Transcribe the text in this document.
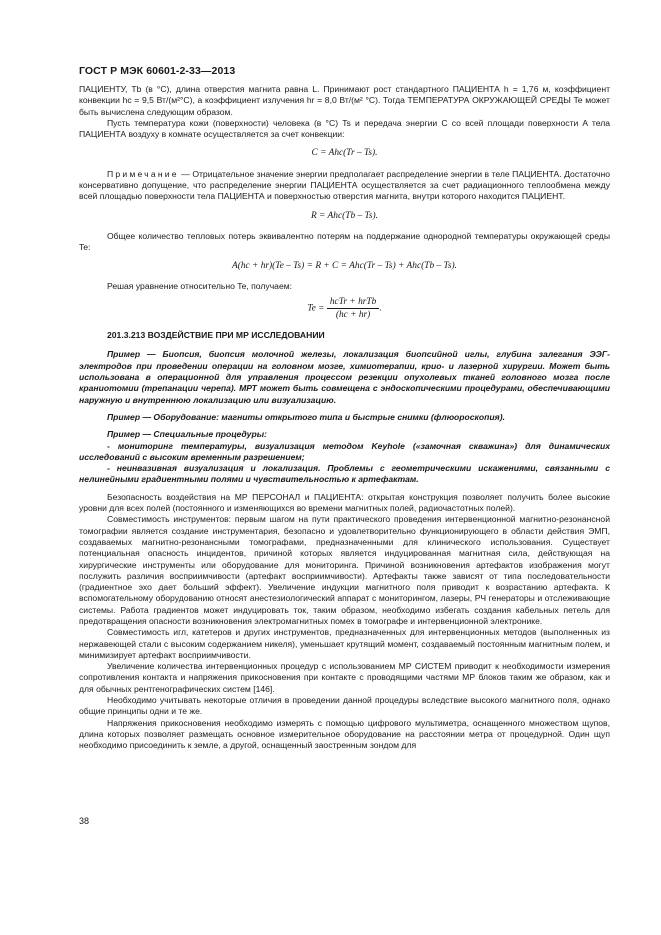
ГОСТ Р МЭК 60601-2-33—2013

ПАЦИЕНТУ, Tb (в °С), длина отверстия магнита равна L. Принимают рост стандартного ПАЦИЕНТА h = 1,76 м, коэффициент конвекции hc = 9,5 Вт/(м²°С), а коэффициент излучения hr = 8,0 Вт/(м² °С). Тогда ТЕМПЕРАТУРА ОКРУЖАЮЩЕЙ СРЕДЫ Te может быть вычислена следующим образом.

Пусть температура кожи (поверхности) человека (в °С) Ts и передача энергии C со всей площади поверхности A тела ПАЦИЕНТА воздуху в комнате осуществляется за счет конвекции:

C = Ahc(Tr – Ts).

Примечание — Отрицательное значение энергии предполагает распределение энергии в теле ПАЦИЕНТА. Достаточно консервативно допущение, что распределение энергии ПАЦИЕНТА осуществляется за счет радиационного теплообмена между всей площадью поверхности тела ПАЦИЕНТА и поверхностью отверстия магнита, внутри которого находится ПАЦИЕНТ.

R = Ahc(Tb – Ts).

Общее количество тепловых потерь эквивалентно потерям на поддержание однородной температуры окружающей среды Te:

A(hc + hr)(Te – Ts) = R + C = Ahc(Tr – Ts) + Ahc(Tb – Ts).

Решая уравнение относительно Te, получаем:

$Te = \frac{\text{hcTr + hrTb}}{(hc + hr)}$ .

201.3.213 ВОЗДЕЙСТВИЕ ПРИ МР ИССЛЕДОВАНИИ

Пример — Биопсия, биопсия молочной железы, локализация биопсийной иглы, глубина залегания ЭЭГ-электродов при проведении операции на головном мозге, химиотерапии, крио- и лазерной хирургии. Может быть использована в операционной для управления процессом резекции опухолевых тканей головного мозга после краниотомии (трепанации черепа). МРТ может быть совмещена с эндоскопическими процедурами, обеспечивающими наружную и внутреннюю локализацию или визуализацию.

Пример — Оборудование: магниты открытого типа и быстрые снимки (флюороскопия).

Пример — Специальные процедуры:

- мониторинг температуры, визуализация методом Keyhole («замочная скважина») для динамических исследований с высоким временным разрешением;

- неинвазивная визуализация и локализация. Проблемы с геометрическими искажениями, связанными с нелинейными градиентными полями и чувствительностью к артефактам.

Безопасность воздействия на МР ПЕРСОНАЛ и ПАЦИЕНТА: открытая конструкция позволяет получить более высокие уровни для всех полей (постоянного и изменяющихся во времени магнитных полей, радиочастотных полей).

Совместимость инструментов: первым шагом на пути практического проведения интервенционной магнитно-резонансной томографии является создание инструментария, безопасно и удовлетворительно функционирующего в области действия ЭМП, создаваемых магнитно-резонансными томографами, предназначенными для клинического использования. Существует потенциальная опасность инцидентов, причиной которых является индуцированная магнитная сила, действующая на хирургические инструменты или оборудование для мониторинга. Причиной возникновения артефактов изображения могут послужить различия восприимчивости (артефакт восприимчивости). Артефакты также зависят от типа последовательности (градиентное эхо дает больший эффект). Увеличение индукции магнитного поля приводит к возрастанию артефакта. К вспомогательному оборудованию относят анестезиологический аппарат с мониторингом, лазеры, РЧ генераторы и отслеживающие системы. Работа градиентов может индуцировать ток, таким образом, необходимо избегать создания кабельных петель для предотвращения опасности возникновения электромагнитных помех в томографе и интервенционной электронике.

Совместимость игл, катетеров и других инструментов, предназначенных для интервенционных методов (выполненных из нержавеющей стали с высоким содержанием никеля), уменьшает крутящий момент, создаваемый постоянным магнитным полем, и минимизирует артефакт восприимчивости.

Увеличение количества интервенционных процедур с использованием МР СИСТЕМ приводит к необходимости измерения сопротивления контакта и напряжения прикосновения при контакте с проводящими частями МР блоков таким же образом, как и для обычных рентгенографических систем [146].

Необходимо учитывать некоторые отличия в проведении данной процедуры вследствие высокого магнитного поля, однако общие принципы одни и те же.

Напряжения прикосновения необходимо измерять с помощью цифрового мультиметра, оснащенного множеством щупов, длина которых позволяет размещать основное измерительное оборудование на расстоянии метра от процедурной. Один щуп необходимо присоединить к земле, а другой, оснащенный заостренным зондом для

38
